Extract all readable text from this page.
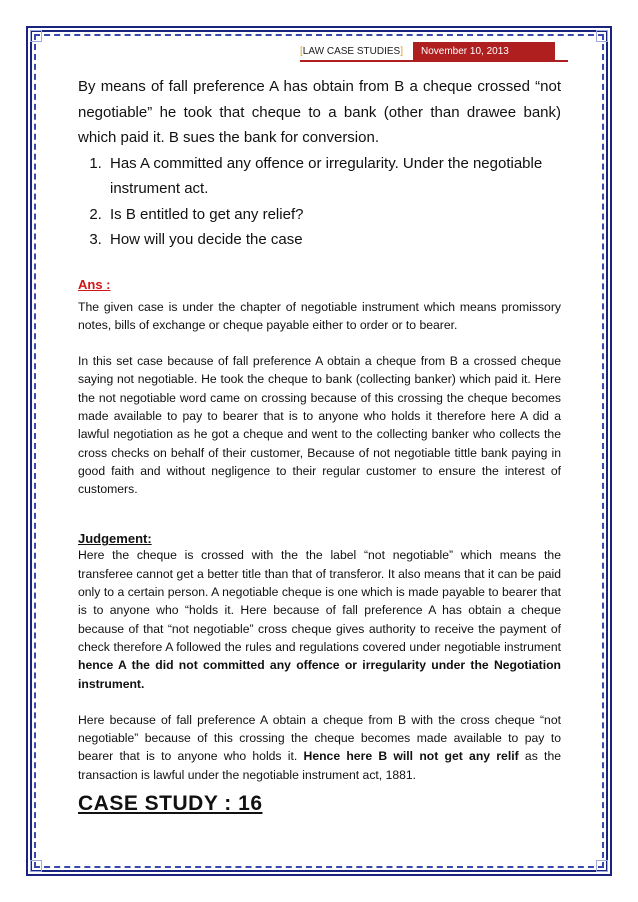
[LAW CASE STUDIES]	November 10, 2013

By means of fall preference A has obtain from B a cheque crossed “not negotiable” he took that cheque to a bank (other than drawee bank) which paid it. B sues the bank for conversion.

1. Has A committed any offence or irregularity. Under the negotiable instrument act.
2. Is B entitled to get any relief?
3. How will you decide the case
Ans :

The given case is under the chapter of negotiable instrument which means promissory notes, bills of exchange or cheque payable either to order or to bearer.

In this set case because of fall preference A obtain a cheque from B a crossed cheque saying not negotiable. He took the cheque to bank (collecting banker) which paid it. Here the not negotiable word came on crossing because of this crossing the cheque becomes made available to pay to bearer that is to anyone who holds it therefore here A did a lawful negotiation as he got a cheque and went to the collecting banker who collects the cross checks on behalf of their customer, Because of not negotiable tittle bank paying in good faith and without negligence to their regular customer to ensure the interest of customers.

Judgement:

Here the cheque is crossed with the the label “not negotiable” which means the transferee cannot get a better title than that of transferor. It also means that it can be paid only to a certain person. A negotiable cheque is one which is made payable to bearer that is to anyone who “holds it. Here because of fall preference A has obtain a cheque because of that “not negotiable” cross cheque gives authority to receive the payment of check therefore A followed the rules and regulations covered under negotiable instrument hence A the did not committed any offence or irregularity under the Negotiation instrument.

Here because of fall preference A obtain a cheque from B with the cross cheque “not negotiable” because of this crossing the cheque becomes made available to pay to bearer that is to anyone who holds it. Hence here B will not get any relif as the transaction is lawful under the negotiable instrument act, 1881.

CASE STUDY : 16
